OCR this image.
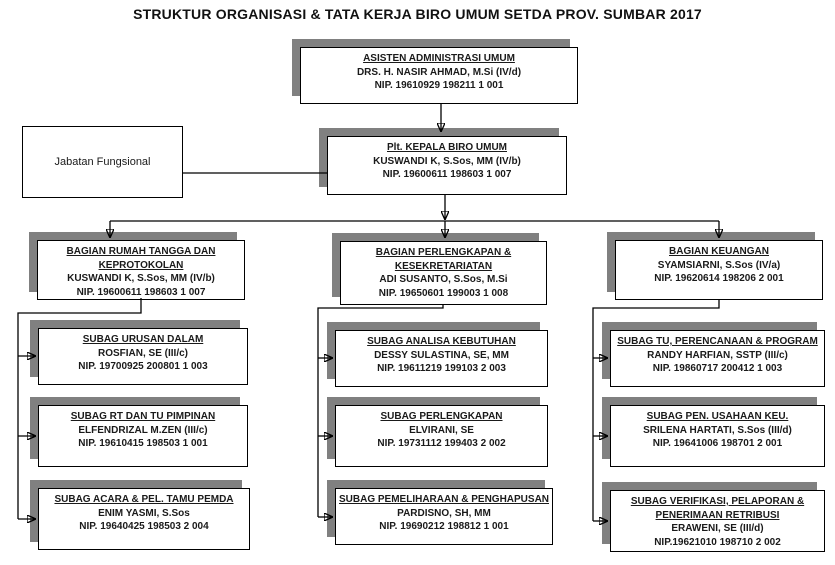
STRUKTUR ORGANISASI & TATA KERJA BIRO UMUM SETDA PROV. SUMBAR 2017
ASISTEN ADMINISTRASI UMUM
DRS. H. NASIR AHMAD, M.Si (IV/d)
NIP. 19610929 198211 1 001
Jabatan Fungsional
Plt. KEPALA BIRO UMUM
KUSWANDI K, S.Sos, MM (IV/b)
NIP. 19600611 198603 1 007
BAGIAN RUMAH TANGGA DAN KEPROTOKOLAN
KUSWANDI K, S.Sos, MM (IV/b)
NIP. 19600611 198603 1 007
BAGIAN PERLENGKAPAN & KESEKRETARIATAN
ADI SUSANTO, S.Sos, M.Si
NIP. 19650601 199003 1 008
BAGIAN KEUANGAN
SYAMSIARNI, S.Sos (IV/a)
NIP. 19620614 198206 2 001
SUBAG URUSAN DALAM
ROSFIAN, SE (III/c)
NIP. 19700925 200801 1 003
SUBAG RT DAN TU PIMPINAN
ELFENDRIZAL M.ZEN (III/c)
NIP. 19610415 198503 1 001
SUBAG ACARA & PEL. TAMU PEMDA
ENIM YASMI, S.Sos
NIP. 19640425 198503 2 004
SUBAG ANALISA KEBUTUHAN
DESSY SULASTINA, SE, MM
NIP. 19611219 199103 2 003
SUBAG PERLENGKAPAN
ELVIRANI, SE
NIP. 19731112 199403 2 002
SUBAG PEMELIHARAAN & PENGHAPUSAN
PARDISNO, SH, MM
NIP. 19690212 198812 1 001
SUBAG TU, PERENCANAAN & PROGRAM
RANDY HARFIAN, SSTP (III/c)
NIP. 19860717 200412 1 003
SUBAG PEN. USAHAAN KEU.
SRILENA HARTATI, S.Sos (III/d)
NIP. 19641006 198701 2 001
SUBAG VERIFIKASI, PELAPORAN & PENERIMAAN RETRIBUSI
ERAWENI, SE (III/d)
NIP.19621010 198710 2 002
